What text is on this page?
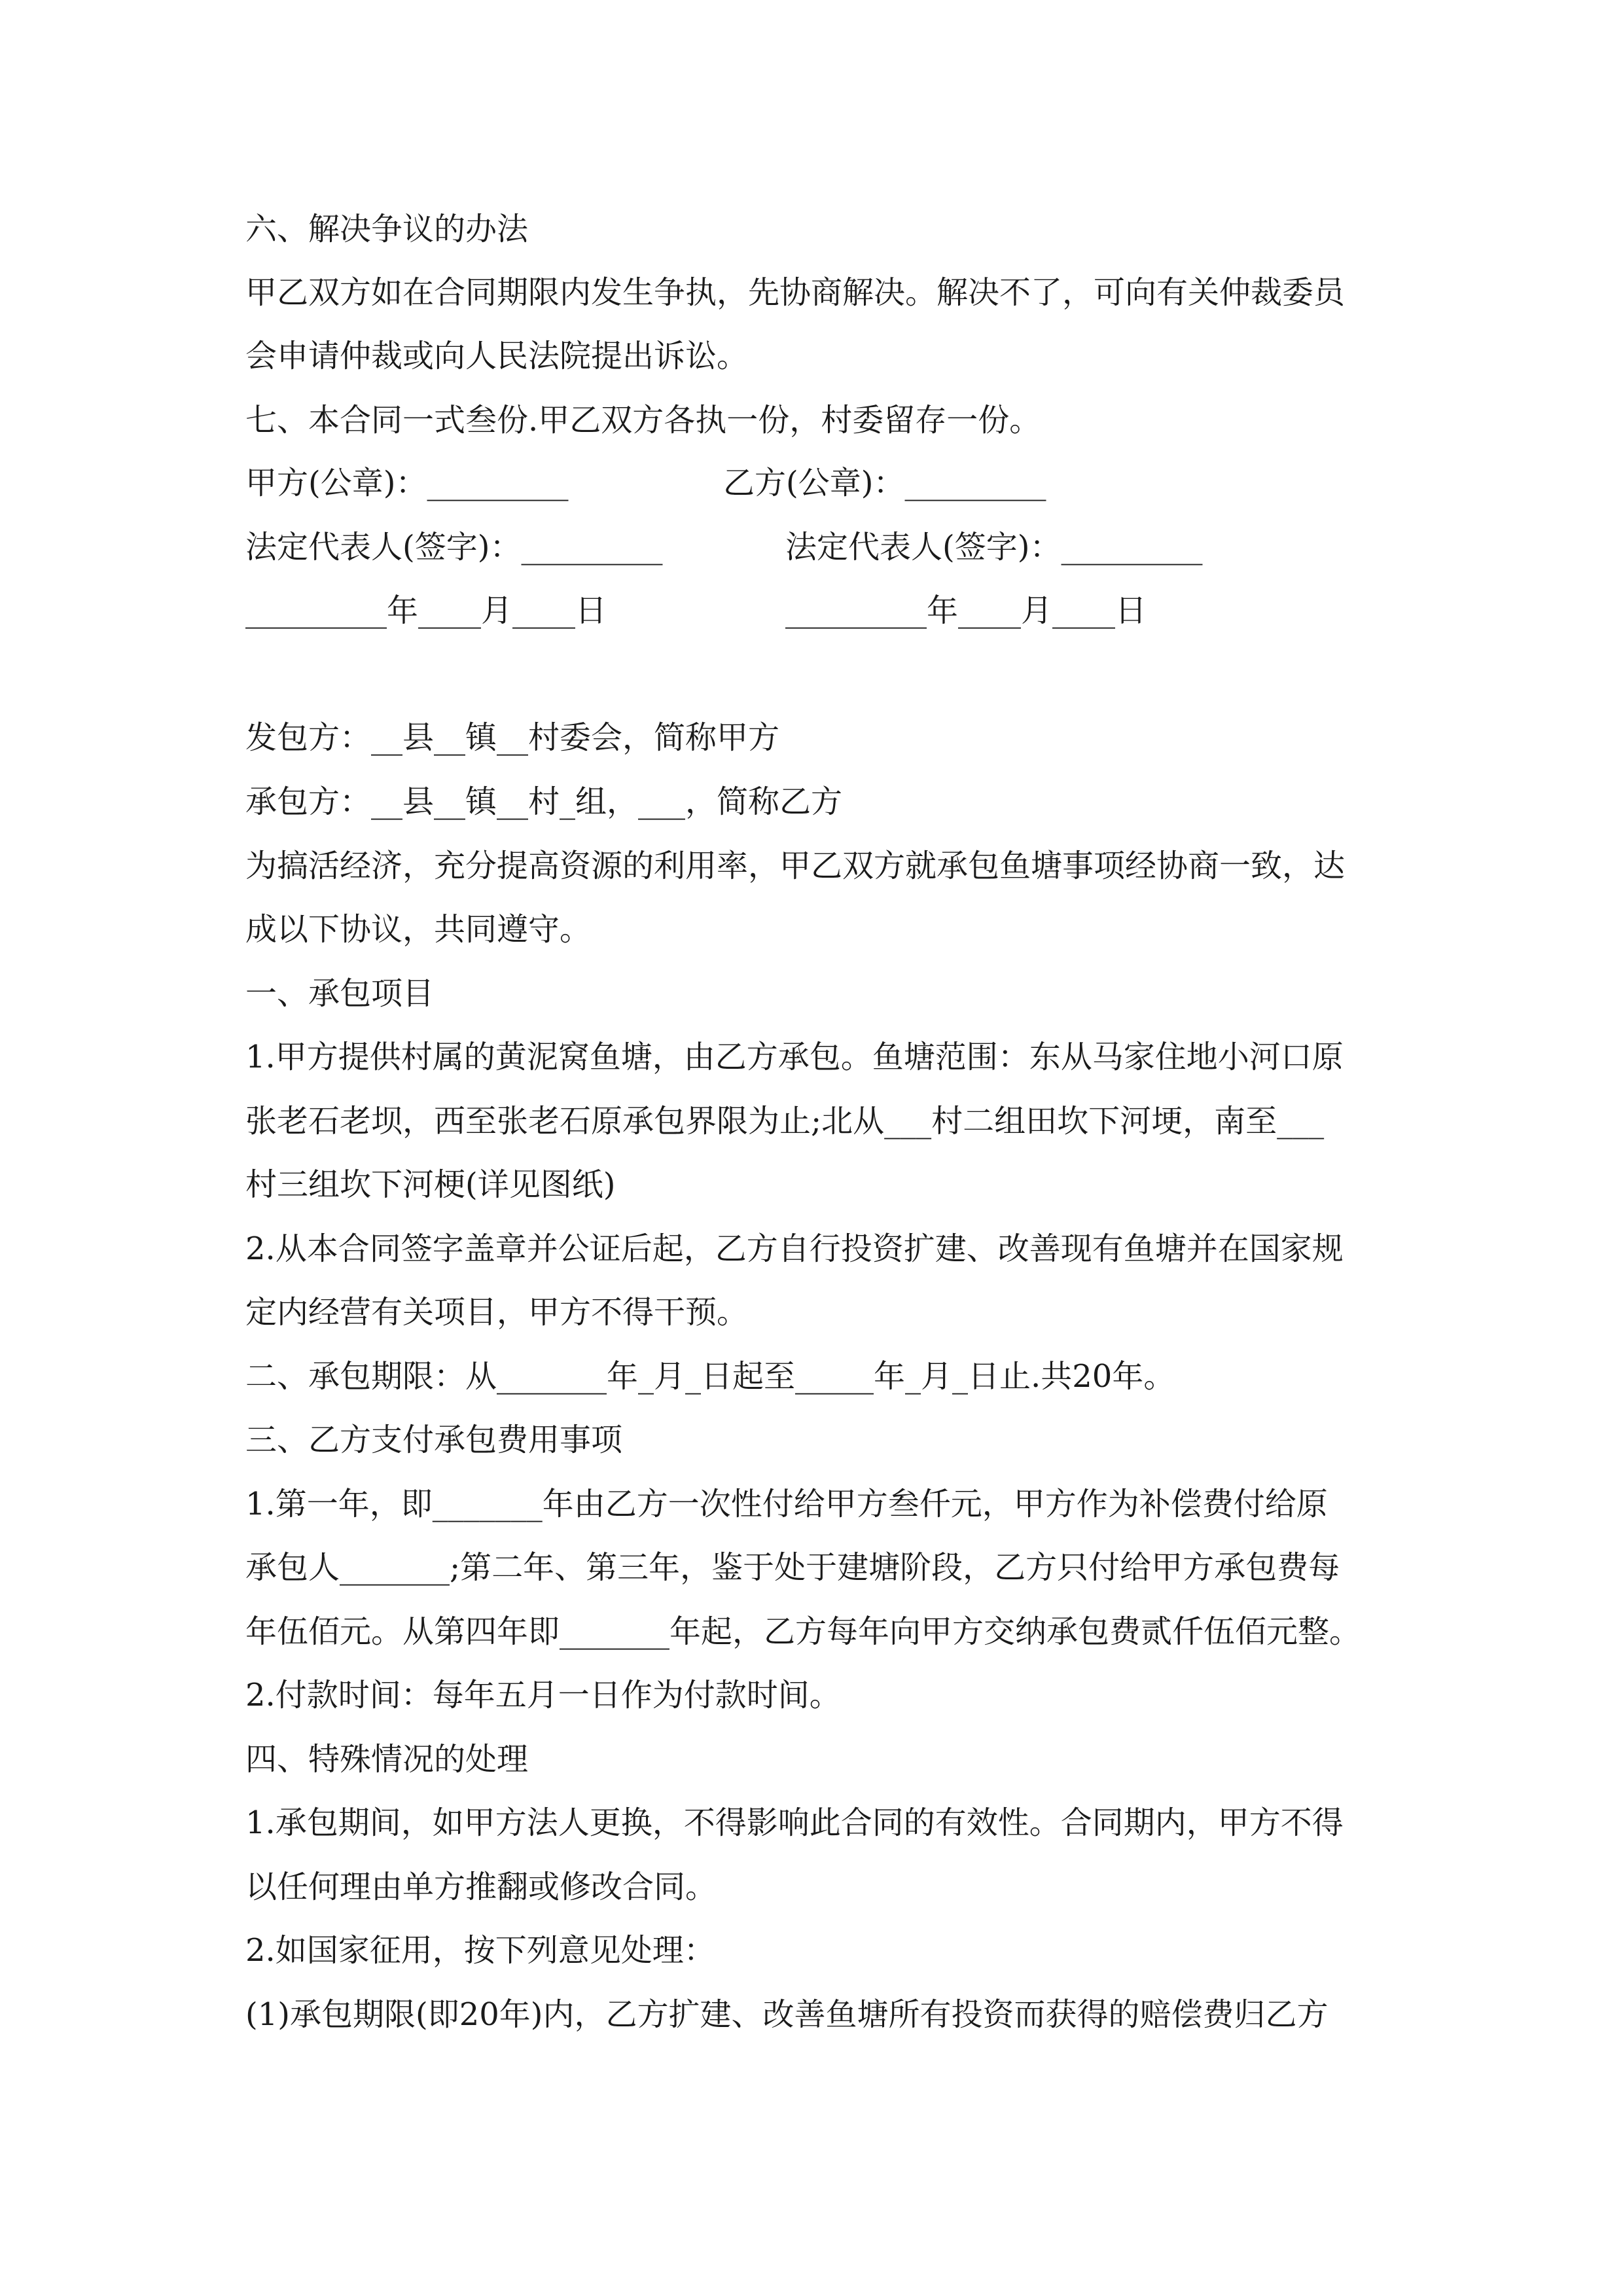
六、解决争议的办法
甲乙双方如在合同期限内发生争执，先协商解决。解决不了，可向有关仲裁委员
会申请仲裁或向人民法院提出诉讼。
七、本合同一式叁份.甲乙双方各执一份，村委留存一份。
甲方(公章)：_________	乙方(公章)：_________
法定代表人(签字)：_________	法定代表人(签字)：_________
_________年____月____日	_________年____月____日
发包方：__县__镇__村委会，简称甲方
承包方：__县__镇__村_组，___，简称乙方
为搞活经济，充分提高资源的利用率，甲乙双方就承包鱼塘事项经协商一致，达
成以下协议，共同遵守。
一、承包项目
1.甲方提供村属的黄泥窝鱼塘，由乙方承包。鱼塘范围：东从马家住地小河口原
张老石老坝，西至张老石原承包界限为止;北从___村二组田坎下河埂，南至___
村三组坎下河梗(详见图纸)
2.从本合同签字盖章并公证后起，乙方自行投资扩建、改善现有鱼塘并在国家规
定内经营有关项目，甲方不得干预。
二、承包期限：从_______年_月_日起至_____年_月_日止.共20年。
三、乙方支付承包费用事项
1.第一年，即_______年由乙方一次性付给甲方叁仟元，甲方作为补偿费付给原
承包人_______;第二年、第三年，鉴于处于建塘阶段，乙方只付给甲方承包费每
年伍佰元。从第四年即_______年起，乙方每年向甲方交纳承包费贰仟伍佰元整。
2.付款时间：每年五月一日作为付款时间。
四、特殊情况的处理
1.承包期间，如甲方法人更换，不得影响此合同的有效性。合同期内，甲方不得
以任何理由单方推翻或修改合同。
2.如国家征用，按下列意见处理：
(1)承包期限(即20年)内，乙方扩建、改善鱼塘所有投资而获得的赔偿费归乙方
